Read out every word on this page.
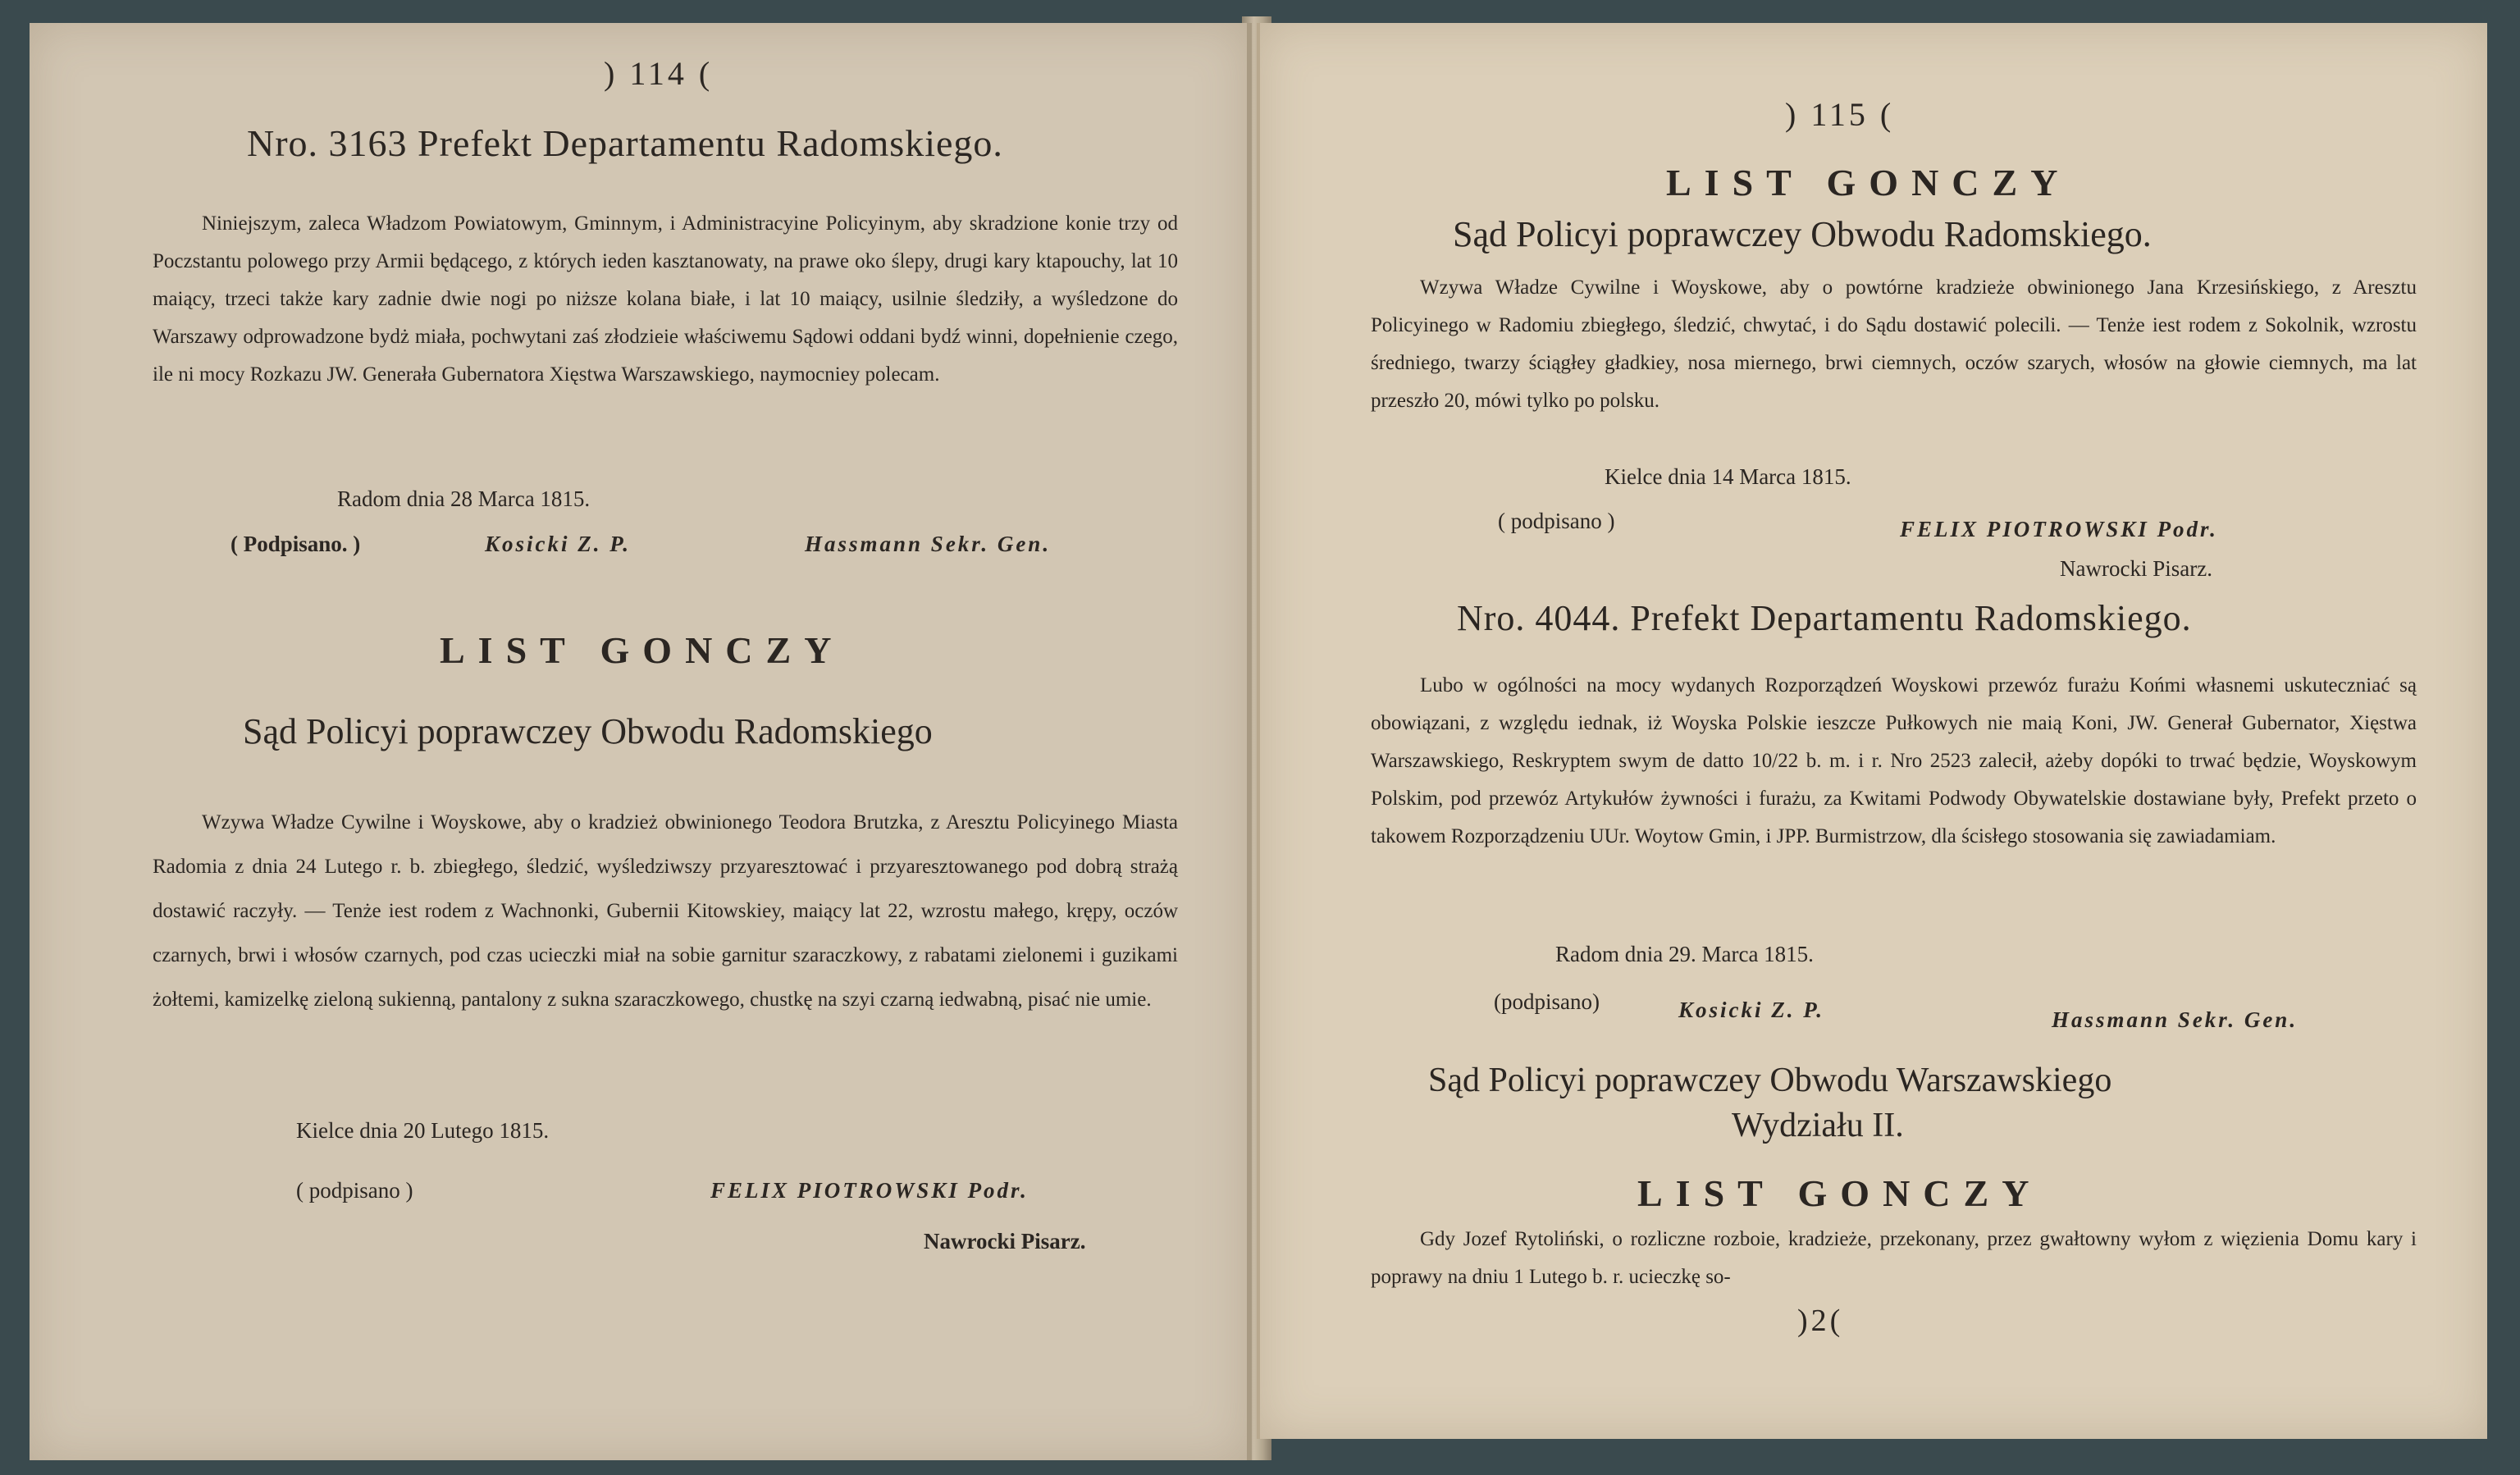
) 114 (
Nro. 3163 Prefekt Departamentu Radomskiego.

Niniejszym, zaleca Władzom Powiatowym, Gminnym, i Administracyine Policyinym, aby skradzione konie trzy od Poczstantu polowego przy Armii będącego, z których ieden kasztanowaty, na prawe oko ślepy, drugi kary ktapouchy, lat 10 maiący, trzeci także kary zadnie dwie nogi po niższe kolana białe, i lat 10 maiący, usilnie śledziły, a wyśledzone do Warszawy odprowadzone bydż miała, pochwytani zaś złodzieie właściwemu Sądowi oddani bydź winni, dopełnienie czego, ile ni mocy Rozkazu JW. Generała Gubernatora Xięstwa Warszawskiego, naymocniey polecam.

Radom dnia 28 Marca 1815.
( Podpisano. )	Kosicki Z. P.	Hassmann Sekr. Gen.
LIST GONCZY
Sąd Policyi poprawczey Obwodu Radomskiego

Wzywa Władze Cywilne i Woyskowe, aby o kradzież obwinionego Teodora Brutzka, z Aresztu Policyinego Miasta Radomia z dnia 24 Lutego r. b. zbiegłego, śledzić, wyśledziwszy przyaresztować i przyaresztowanego pod dobrą strażą dostawić raczyły. — Tenże iest rodem z Wachnonki, Gubernii Kitowskiey, maiący lat 22, wzrostu małego, krępy, oczów czarnych, brwi i włosów czarnych, pod czas ucieczki miał na sobie garnitur szaraczkowy, z rabatami zielonemi i guzikami żołtemi, kamizelkę zieloną sukienną, pantalony z sukna szaraczkowego, chustkę na szyi czarną iedwabną, pisać nie umie.

Kielce dnia 20 Lutego 1815.
( podpisano )	FELIX PIOTROWSKI Podr.
Nawrocki Pisarz.
) 115 (
LIST GONCZY
Sąd Policyi poprawczey Obwodu Radomskiego.

Wzywa Władze Cywilne i Woyskowe, aby o powtórne kradzieże obwinionego Jana Krzesińskiego, z Aresztu Policyinego w Radomiu zbiegłego, śledzić, chwytać, i do Sądu dostawić polecili. — Tenże iest rodem z Sokolnik, wzrostu średniego, twarzy ściągłey gładkiey, nosa miernego, brwi ciemnych, oczów szarych, włosów na głowie ciemnych, ma lat przeszło 20, mówi tylko po polsku.

Kielce dnia 14 Marca 1815.
( podpisano )	FELIX PIOTROWSKI Podr.
Nawrocki Pisarz.
Nro. 4044. Prefekt Departamentu Radomskiego.

Lubo w ogólności na mocy wydanych Rozporządzeń Woyskowi przewóz furażu Końmi własnemi uskuteczniać są obowiązani, z względu iednak, iż Woyska Polskie ieszcze Pułkowych nie maią Koni, JW. Generał Gubernator, Xięstwa Warszawskiego, Reskryptem swym de datto 10/22 b. m. i r. Nro 2523 zalecił, ażeby dopóki to trwać będzie, Woyskowym Polskim, pod przewóz Artykułów żywności i furażu, za Kwitami Podwody Obywatelskie dostawiane były, Prefekt przeto o takowem Rozporządzeniu UUr. Woytow Gmin, i JPP. Burmistrzow, dla ścisłego stosowania się zawiadamiam.

Radom dnia 29. Marca 1815.
(podpisano)	Kosicki Z. P.	Hassmann Sekr. Gen.
Sąd Policyi poprawczey Obwodu Warszawskiego
Wydziału II.
LIST GONCZY

Gdy Jozef Rytoliński, o rozliczne rozboie, kradzieże, przekonany, przez gwałtowny wyłom z więzienia Domu kary i poprawy na dniu 1 Lutego b. r. ucieczkę so-

)2(
